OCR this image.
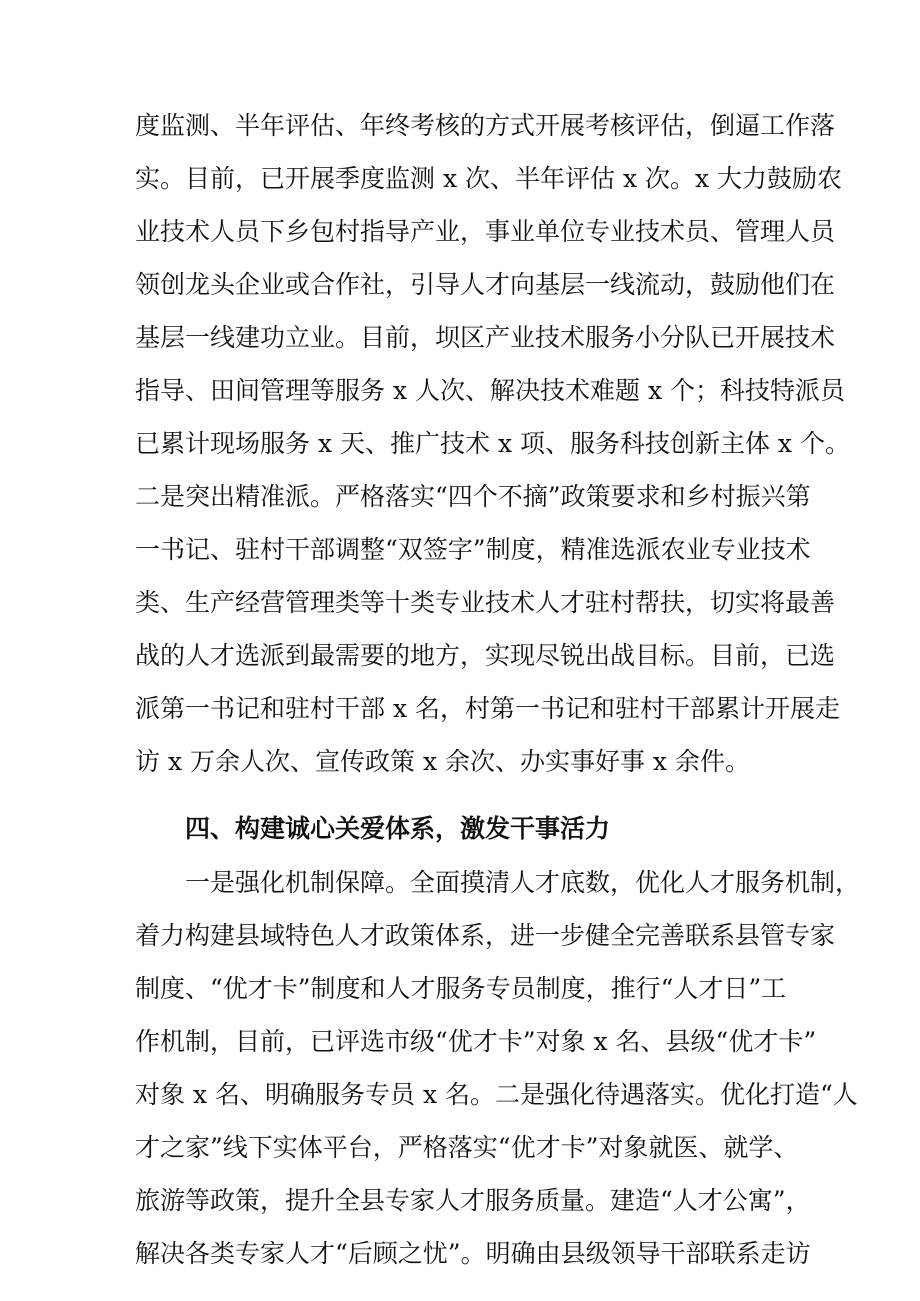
度监测、半年评估、年终考核的方式开展考核评估，倒逼工作落
实。目前，已开展季度监测 x 次、半年评估 x 次。x 大力鼓励农
业技术人员下乡包村指导产业，事业单位专业技术员、管理人员
领创龙头企业或合作社，引导人才向基层一线流动，鼓励他们在
基层一线建功立业。目前，坝区产业技术服务小分队已开展技术
指导、田间管理等服务 x 人次、解决技术难题 x 个；科技特派员
已累计现场服务 x 天、推广技术 x 项、服务科技创新主体 x 个。
二是突出精准派。严格落实“四个不摘”政策要求和乡村振兴第
一书记、驻村干部调整“双签字”制度，精准选派农业专业技术
类、生产经营管理类等十类专业技术人才驻村帮扶，切实将最善
战的人才选派到最需要的地方，实现尽锐出战目标。目前，已选
派第一书记和驻村干部 x 名，村第一书记和驻村干部累计开展走
访 x 万余人次、宣传政策 x 余次、办实事好事 x 余件。
四、构建诚心关爱体系，激发干事活力
一是强化机制保障。全面摸清人才底数，优化人才服务机制，
着力构建县域特色人才政策体系，进一步健全完善联系县管专家
制度、“优才卡”制度和人才服务专员制度，推行“人才日”工
作机制，目前，已评选市级“优才卡”对象 x 名、县级“优才卡”
对象 x 名、明确服务专员 x 名。二是强化待遇落实。优化打造“人
才之家”线下实体平台，严格落实“优才卡”对象就医、就学、
旅游等政策，提升全县专家人才服务质量。建造“人才公寓”，
解决各类专家人才“后顾之忧”。明确由县级领导干部联系走访
